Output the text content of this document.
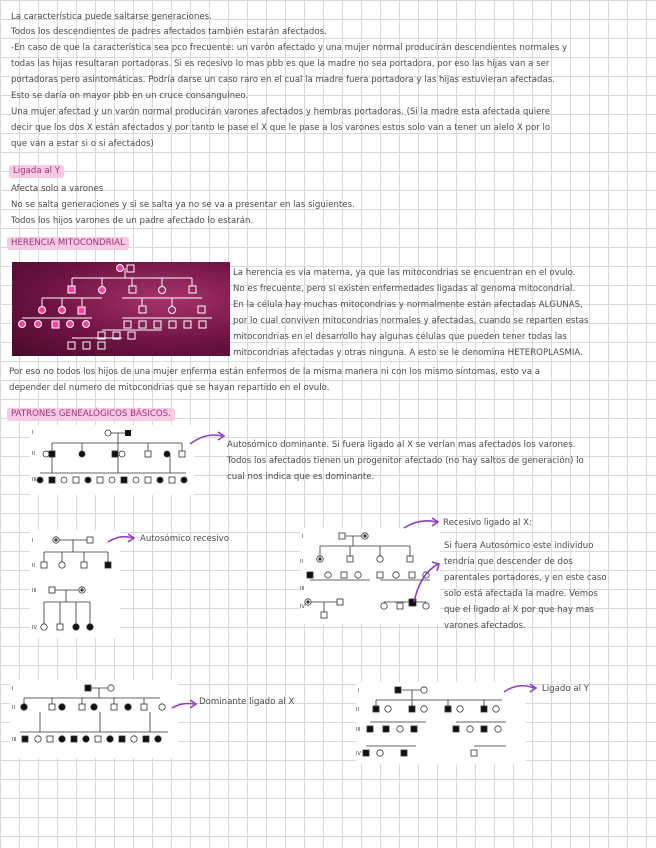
La característica puede saltarse generaciones.
Todos los descendientes de padres afectados también estarán afectados.
-En caso de que la característica sea pco frecuente: un varón afectado y una mujer normal producirán descendientes normales y
todas las hijas resultaran portadoras. Si es recesivo lo mas pbb es que la madre no sea portadora, por eso las hijas van a ser
portadoras pero asintomáticas. Podría darse un caso raro en el cual la madre fuera portadora y las hijas estuvieran afectadas.
Esto se daría on mayor pbb en un cruce consanguíneo.
Una mujer afectad y un varón normal producirán varones afectados y hembras portadoras. (Si la madre esta afectada quiere
decir que los dos X están afectados y por tanto le pase el X que le pase a los varones estos solo van a tener un alelo X por lo
que van a estar si o si afectados)
Ligada al Y
Afecta solo a varones
No se salta generaciones y si se salta ya no se va a presentar en las siguientes.
Todos los hijos varones de un padre afectado lo estarán.
HERENCIA MITOCONDRIAL
La herencia es vía materna, ya que las mitocondrias se encuentran en el ovulo.
No es frecuente, pero si existen enfermedades ligadas al genoma mitocondrial.
En la célula hay muchas mitocondrias y normalmente están afectadas ALGUNAS,
por lo cual conviven mitocondrias normales y afectadas, cuando se reparten estas
mitocondrias en el desarrollo hay algunas células que pueden tener todas las
mitocondrias afectadas y otras ninguna. A esto se le denomina HETEROPLASMIA.
Por eso no todos los hijos de una mujer enferma están enfermos de la misma manera ni con los mismo síntomas, esto va a
depender del numero de mitocondrias que se hayan repartido en el ovulo.
PATRONES GENEALÓGICOS BÁSICOS.
I
II
III
Autosómico dominante. Si fuera ligado al X se verían mas afectados los varones.
Todos los afectados tienen un progenitor afectado (no hay saltos de generación) lo
cual nos indica que es dominante.
I
II
III
IV
Autosómico recesivo	I
II
III
IV
Recesivo ligado al X:
Si fuera Autosómico este individuo
tendría que descender de dos
parentales portadores, y en este caso
solo está afectada la madre. Vemos
que el ligado al X por que hay mas
varones afectados.
I
II
III
Dominante ligado al X
I
II
III
IV
Ligado al Y
